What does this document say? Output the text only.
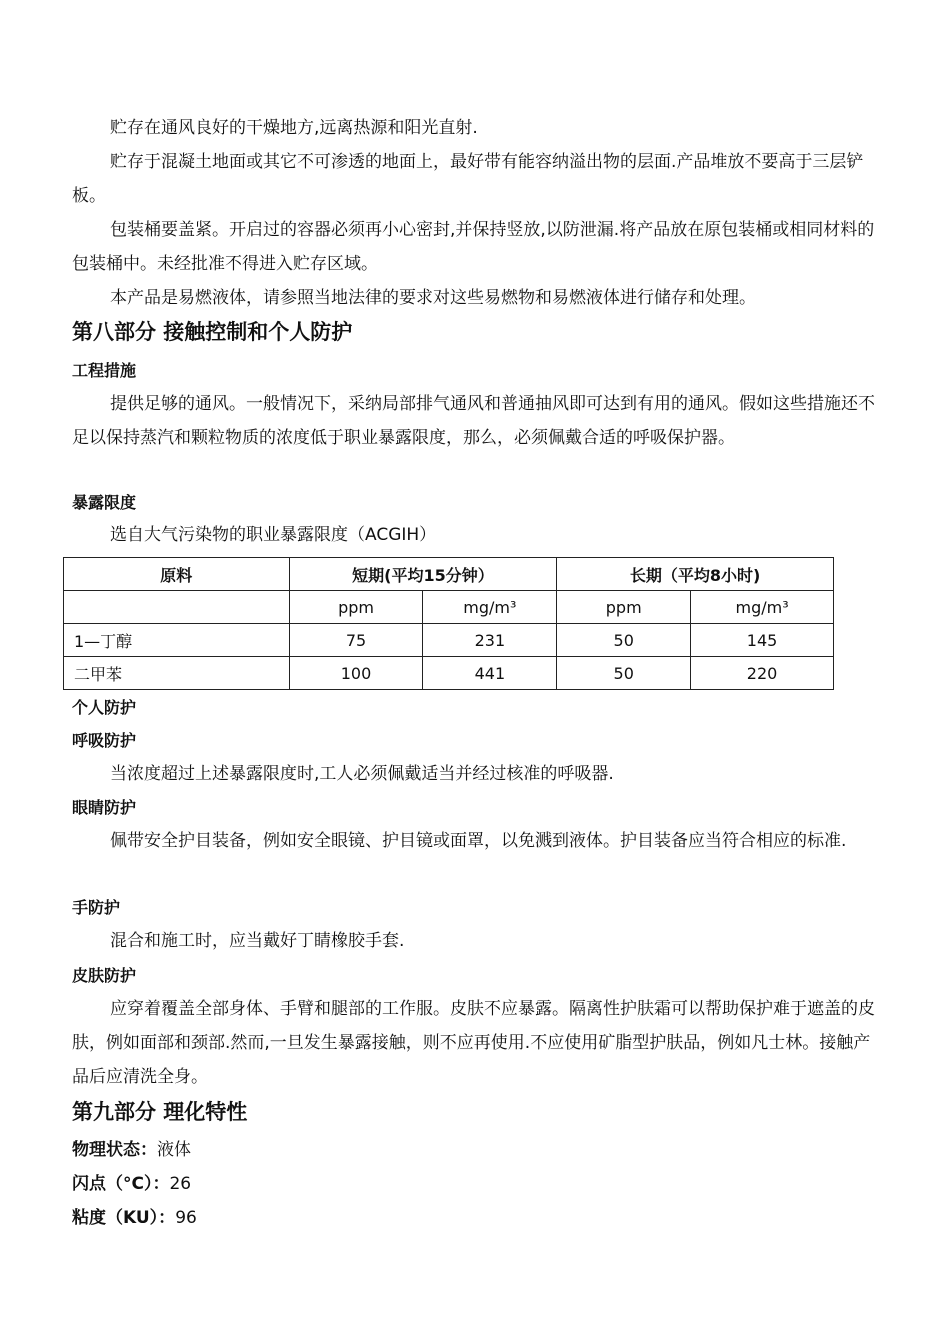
贮存在通风良好的干燥地方,远离热源和阳光直射.

贮存于混凝土地面或其它不可渗透的地面上，最好带有能容纳溢出物的层面.产品堆放不要高于三层铲板。

包装桶要盖紧。开启过的容器必须再小心密封,并保持竖放,以防泄漏.将产品放在原包装桶或相同材料的包装桶中。未经批准不得进入贮存区域。

本产品是易燃液体，请参照当地法律的要求对这些易燃物和易燃液体进行储存和处理。

第八部分 接触控制和个人防护
工程措施

提供足够的通风。一般情况下，采纳局部排气通风和普通抽风即可达到有用的通风。假如这些措施还不足以保持蒸汽和颗粒物质的浓度低于职业暴露限度，那么，必须佩戴合适的呼吸保护器。

暴露限度

选自大气污染物的职业暴露限度（ACGIH）

原料	短期(平均15分钟）		长期（平均8小时)	
	ppm	mg/m³	ppm	mg/m³
1—丁醇	75	231	50	145
二甲苯	100	441	50	220
个人防护
呼吸防护

当浓度超过上述暴露限度时,工人必须佩戴适当并经过核准的呼吸器.

眼睛防护

佩带安全护目装备，例如安全眼镜、护目镜或面罩，以免溅到液体。护目装备应当符合相应的标准.

手防护

混合和施工时，应当戴好丁睛橡胶手套.

皮肤防护

应穿着覆盖全部身体、手臂和腿部的工作服。皮肤不应暴露。隔离性护肤霜可以帮助保护难于遮盖的皮肤，例如面部和颈部.然而,一旦发生暴露接触，则不应再使用.不应使用矿脂型护肤品，例如凡士林。接触产品后应清洗全身。

第九部分 理化特性

物理状态：液体

闪点（°C）：26

粘度（KU）：96
